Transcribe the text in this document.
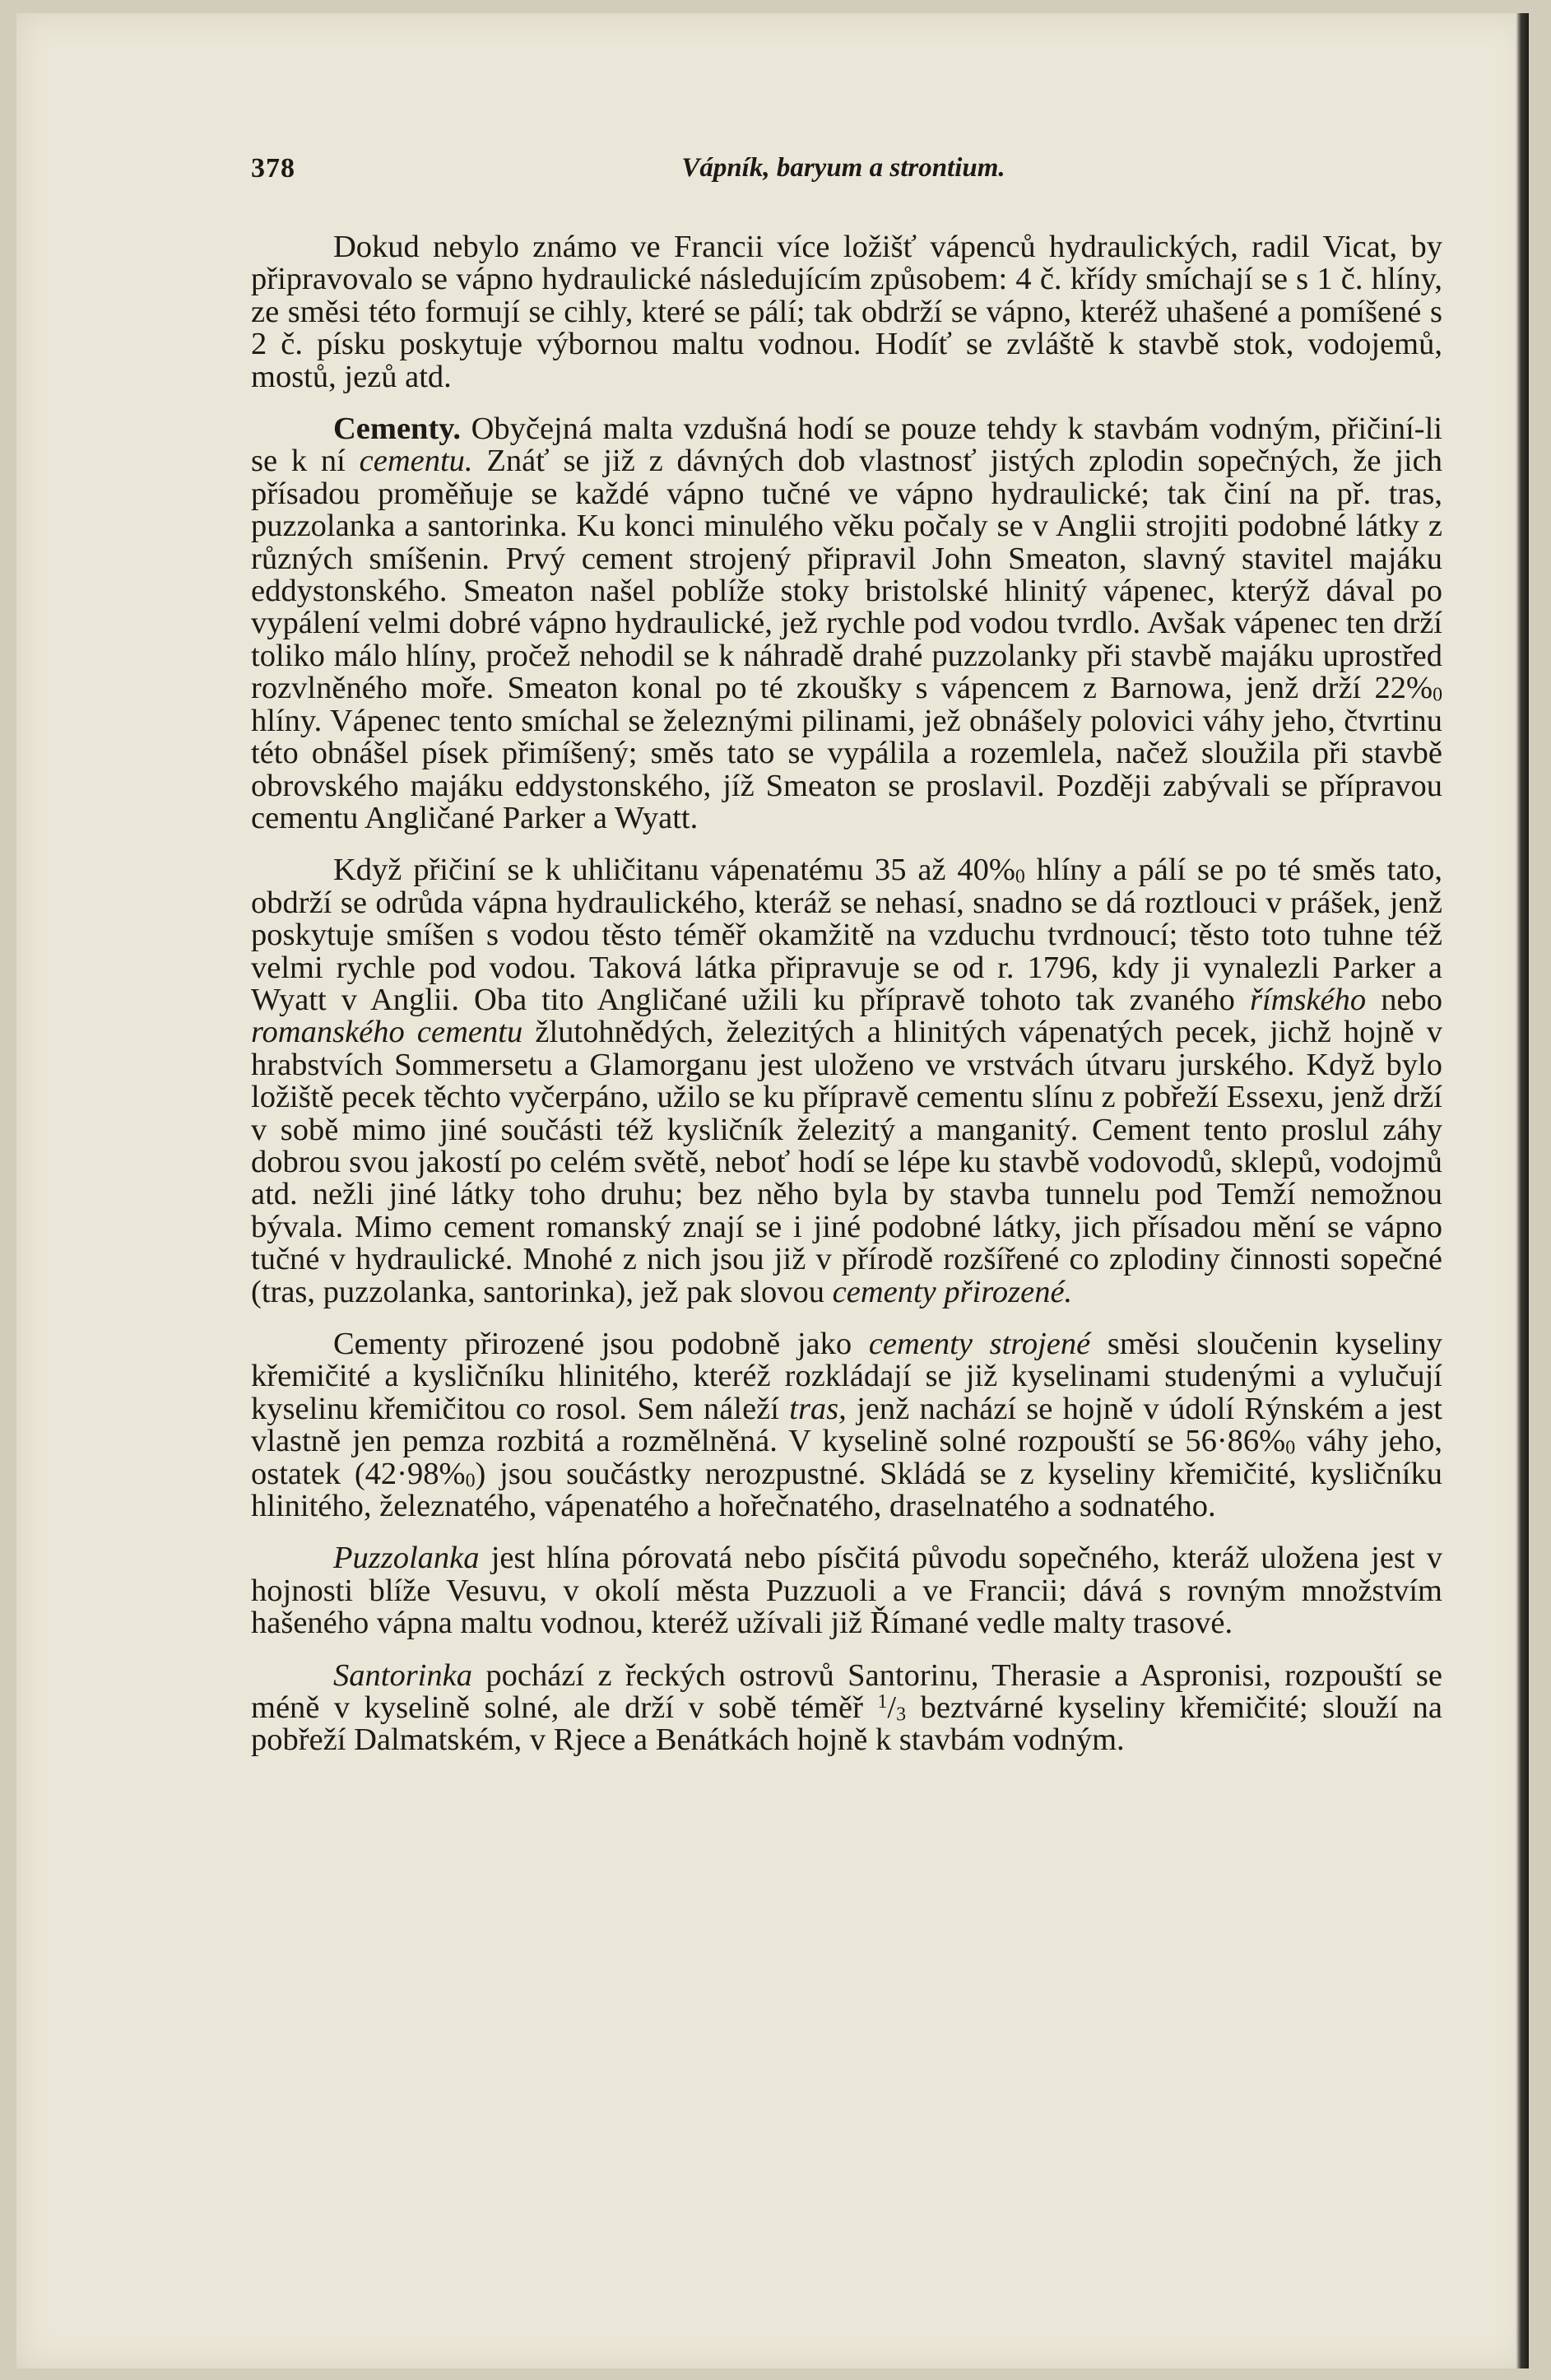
378	Vápník, baryum a strontium.

Dokud nebylo známo ve Francii více ložišť vápenců hydraulických, radil Vicat, by připravovalo se vápno hydraulické následujícím způsobem: 4 č. křídy smíchají se s 1 č. hlíny, ze směsi této formují se cihly, které se pálí; tak obdrží se vápno, kteréž uhašené a pomíšené s 2 č. písku poskytuje výbornou maltu vodnou. Hodíť se zvláště k stavbě stok, vodojemů, mostů, jezů atd.

Cementy. Obyčejná malta vzdušná hodí se pouze tehdy k stavbám vodným, přičiní-li se k ní cementu. Znáť se již z dávných dob vlastnosť jistých zplodin sopečných, že jich přísadou proměňuje se každé vápno tučné ve vápno hydraulické; tak činí na př. tras, puzzolanka a santorinka. Ku konci minulého věku počaly se v Anglii strojiti podobné látky z různých smíšenin. Prvý cement strojený připravil John Smeaton, slavný stavitel majáku eddystonského. Smeaton našel poblíže stoky bristolské hlinitý vápenec, kterýž dával po vypálení velmi dobré vápno hydraulické, jež rychle pod vodou tvrdlo. Avšak vápenec ten drží toliko málo hlíny, pročež nehodil se k náhradě drahé puzzolanky při stavbě majáku uprostřed rozvlněného moře. Smeaton konal po té zkoušky s vápencem z Barnowa, jenž drží $22\%_0$ hlíny. Vápenec tento smíchal se železnými pilinami, jež obnášely polovici váhy jeho, čtvrtinu této obnášel písek přimíšený; směs tato se vypálila a rozemlela, načež sloužila při stavbě obrovského majáku eddystonského, jíž Smeaton se proslavil. Později zabývali se přípravou cementu Angličané Parker a Wyatt.

Když přičiní se k uhličitanu vápenatému 35 až $40\%_0$ hlíny a pálí se po té směs tato, obdrží se odrůda vápna hydraulického, kteráž se nehasí, snadno se dá roztlouci v prášek, jenž poskytuje smíšen s vodou těsto téměř okamžitě na vzduchu tvrdnoucí; těsto toto tuhne též velmi rychle pod vodou. Taková látka připravuje se od r. 1796, kdy ji vynalezli Parker a Wyatt v Anglii. Oba tito Angličané užili ku přípravě tohoto tak zvaného římského nebo romanského cementu žlutohnědých, železitých a hlinitých vápenatých pecek, jichž hojně v hrabstvích Sommersetu a Glamorganu jest uloženo ve vrstvách útvaru jurského. Když bylo ložiště pecek těchto vyčerpáno, užilo se ku přípravě cementu slínu z pobřeží Essexu, jenž drží v sobě mimo jiné součásti též kysličník železitý a manganitý. Cement tento proslul záhy dobrou svou jakostí po celém světě, neboť hodí se lépe ku stavbě vodovodů, sklepů, vodojmů atd. nežli jiné látky toho druhu; bez něho byla by stavba tunnelu pod Temží nemožnou bývala. Mimo cement romanský znají se i jiné podobné látky, jich přísadou mění se vápno tučné v hydraulické. Mnohé z nich jsou již v přírodě rozšířené co zplodiny činnosti sopečné (tras, puzzolanka, santorinka), jež pak slovou cementy přirozené.

Cementy přirozené jsou podobně jako cementy strojené směsi sloučenin kyseliny křemičité a kysličníku hlinitého, kteréž rozkládají se již kyselinami studenými a vylučují kyselinu křemičitou co rosol. Sem náleží tras, jenž nachází se hojně v údolí Rýnském a jest vlastně jen pemza rozbitá a rozmělněná. V kyselině solné rozpouští se $56\cdot 86\%_0$ váhy jeho, ostatek $(42\cdot 98\%_0)$ jsou součástky nerozpustné. Skládá se z kyseliny křemičité, kysličníku hlinitého, železnatého, vápenatého a hořečnatého, draselnatého a sodnatého.

Puzzolanka jest hlína pórovatá nebo písčitá původu sopečného, kteráž uložena jest v hojnosti blíže Vesuvu, v okolí města Puzzuoli a ve Francii; dává s rovným množstvím hašeného vápna maltu vodnou, kteréž užívali již Římané vedle malty trasové.

Santorinka pochází z řeckých ostrovů Santorinu, Therasie a Aspronisi, rozpouští se méně v kyselině solné, ale drží v sobě téměř $^1/_3$ beztvárné kyseliny křemičité; slouží na pobřeží Dalmatském, v Rjece a Benátkách hojně k stavbám vodným.
